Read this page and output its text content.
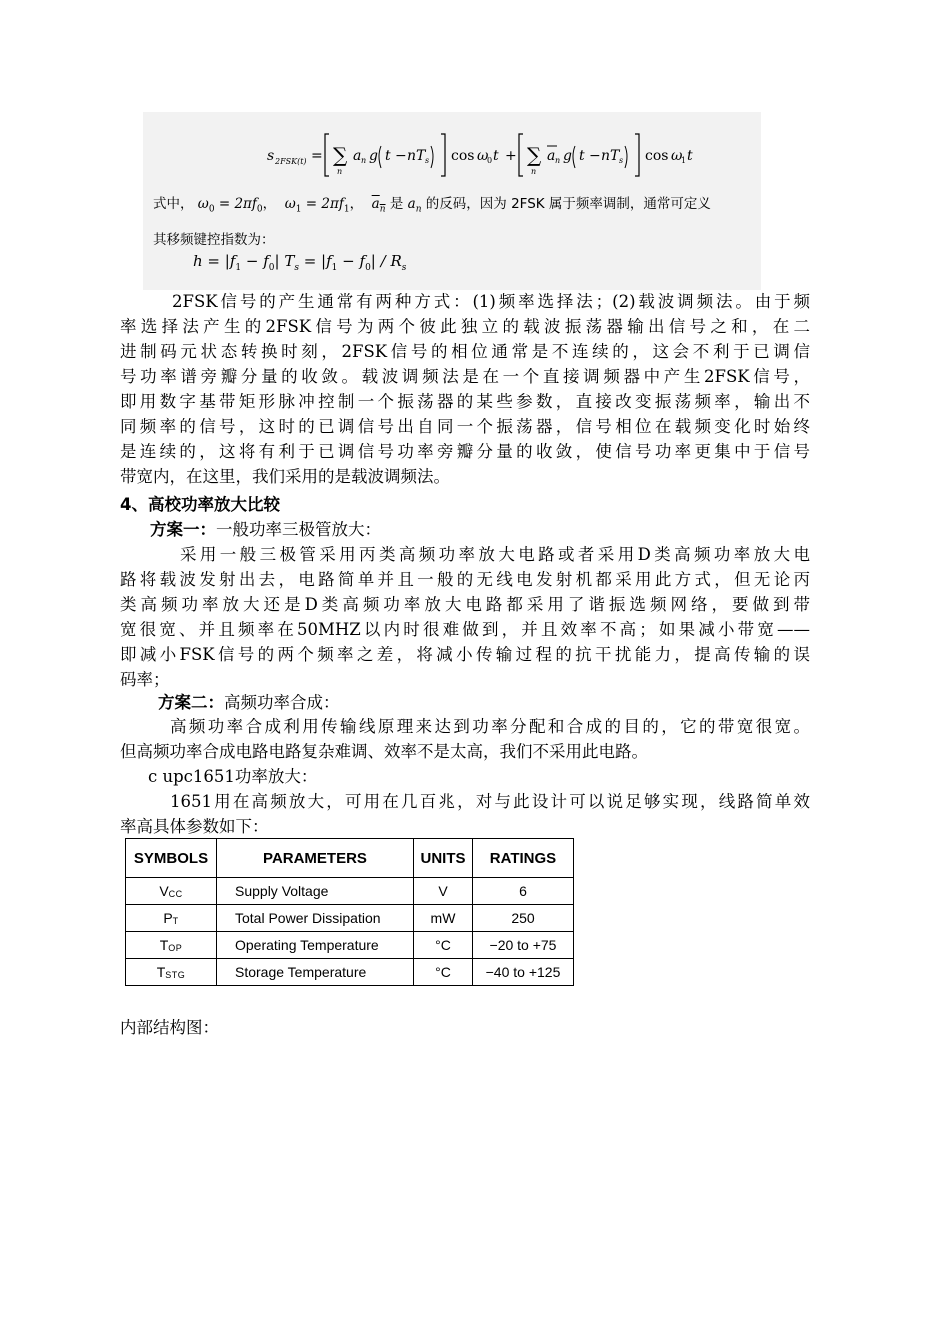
s 2FSK(t) = ∑
n
a n g t − nT s cos ω
0 t + ∑
n
a n g t − nT s cos ω
1 t
式中， $\omega_0 = 2\pi f_0$，  $\omega_1 = 2\pi f_1$，  $a_n$ 是 $a_n$ 的反码，因为 2FSK 属于频率调制，通常可定义
其移频键控指数为：
$h = |f_1 - f_0|$ $T_s = |f_1 - f_0| / R_s$
2FSK信号的产生通常有两种方式：(1)频率选择法；(2)载波调频法。由于频
率选择法产生的2FSK信号为两个彼此独立的载波振荡器输出信号之和，在二
进制码元状态转换时刻，2FSK信号的相位通常是不连续的，这会不利于已调信
号功率谱旁瓣分量的收敛。载波调频法是在一个直接调频器中产生2FSK信号，
即用数字基带矩形脉冲控制一个振荡器的某些参数，直接改变振荡频率，输出不
同频率的信号，这时的已调信号出自同一个振荡器，信号相位在载频变化时始终
是连续的，这将有利于已调信号功率旁瓣分量的收敛，使信号功率更集中于信号
带宽内，在这里，我们采用的是载波调频法。
4、高校功率放大比较
方案一：一般功率三极管放大：
采用一般三极管采用丙类高频功率放大电路或者采用D类高频功率放大电
路将载波发射出去，电路简单并且一般的无线电发射机都采用此方式，但无论丙
类高频功率放大还是D类高频功率放大电路都采用了谐振选频网络，要做到带
宽很宽、并且频率在50MHZ以内时很难做到，并且效率不高；如果减小带宽——
即减小FSK信号的两个频率之差，将减小传输过程的抗干扰能力，提高传输的误
码率；
方案二：高频功率合成：
高频功率合成利用传输线原理来达到功率分配和合成的目的，它的带宽很宽。
但高频功率合成电路电路复杂难调、效率不是太高，我们不采用此电路。
c upc1651功率放大：
1651用在高频放大，可用在几百兆，对与此设计可以说足够实现，线路简单效
率高具体参数如下：
SYMBOLS	PARAMETERS	UNITS	RATINGS
$V_{CC}$	Supply Voltage	V	6
$P_T$	Total Power Dissipation	mW	250
$T_{OP}$	Operating Temperature	°C	−20 to +75
$T_{STG}$	Storage Temperature	°C	−40 to +125
内部结构图：
